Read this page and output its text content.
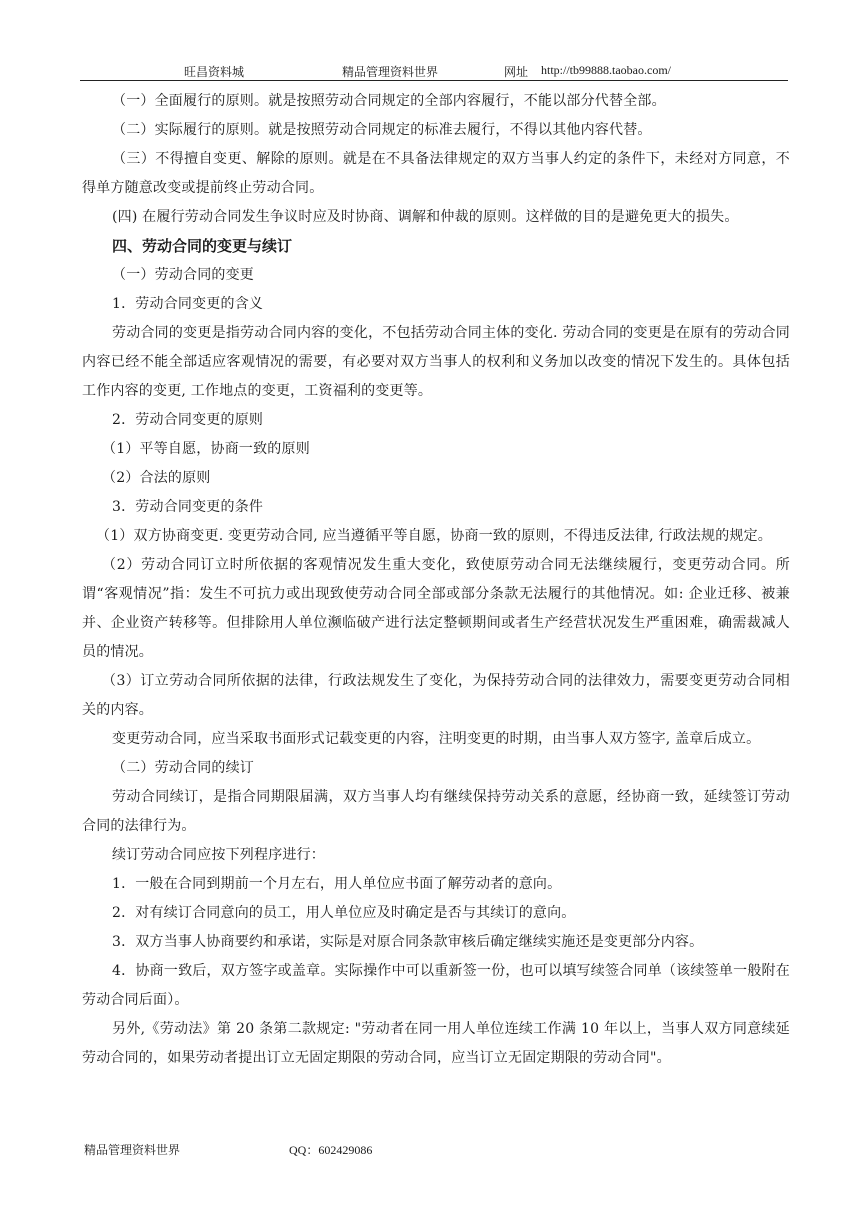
旺昌资料城	精品管理资料世界	网址 http://tb99888.taobao.com/

（一）全面履行的原则。就是按照劳动合同规定的全部内容履行，不能以部分代替全部。

（二）实际履行的原则。就是按照劳动合同规定的标准去履行，不得以其他内容代替。

（三）不得擅自变更、解除的原则。就是在不具备法律规定的双方当事人约定的条件下，未经对方同意，不得单方随意改变或提前终止劳动合同。

(四) 在履行劳动合同发生争议时应及时协商、调解和仲裁的原则。这样做的目的是避免更大的损失。

四、劳动合同的变更与续订

（一）劳动合同的变更

1．劳动合同变更的含义

劳动合同的变更是指劳动合同内容的变化，不包括劳动合同主体的变化. 劳动合同的变更是在原有的劳动合同内容已经不能全部适应客观情况的需要，有必要对双方当事人的权利和义务加以改变的情况下发生的。具体包括工作内容的变更, 工作地点的变更，工资福利的变更等。

2．劳动合同变更的原则

（1）平等自愿，协商一致的原则

（2）合法的原则

3．劳动合同变更的条件

（1）双方协商变更. 变更劳动合同, 应当遵循平等自愿，协商一致的原则，不得违反法律, 行政法规的规定。

（2）劳动合同订立时所依据的客观情况发生重大变化，致使原劳动合同无法继续履行，变更劳动合同。所谓“客观情况”指：发生不可抗力或出现致使劳动合同全部或部分条款无法履行的其他情况。如: 企业迁移、被兼并、企业资产转移等。但排除用人单位濒临破产进行法定整顿期间或者生产经营状况发生严重困难，确需裁减人员的情况。

（3）订立劳动合同所依据的法律，行政法规发生了变化，为保持劳动合同的法律效力，需要变更劳动合同相关的内容。

变更劳动合同，应当采取书面形式记载变更的内容，注明变更的时期，由当事人双方签字, 盖章后成立。

（二）劳动合同的续订

劳动合同续订，是指合同期限届满，双方当事人均有继续保持劳动关系的意愿，经协商一致，延续签订劳动合同的法律行为。

续订劳动合同应按下列程序进行：

1．一般在合同到期前一个月左右，用人单位应书面了解劳动者的意向。

2．对有续订合同意向的员工，用人单位应及时确定是否与其续订的意向。

3．双方当事人协商要约和承诺，实际是对原合同条款审核后确定继续实施还是变更部分内容。

4．协商一致后，双方签字或盖章。实际操作中可以重新签一份，也可以填写续签合同单（该续签单一般附在劳动合同后面）。

另外,《劳动法》第 20 条第二款规定: "劳动者在同一用人单位连续工作满 10 年以上，当事人双方同意续延劳动合同的，如果劳动者提出订立无固定期限的劳动合同，应当订立无固定期限的劳动合同"。

精品管理资料世界	QQ：602429086
